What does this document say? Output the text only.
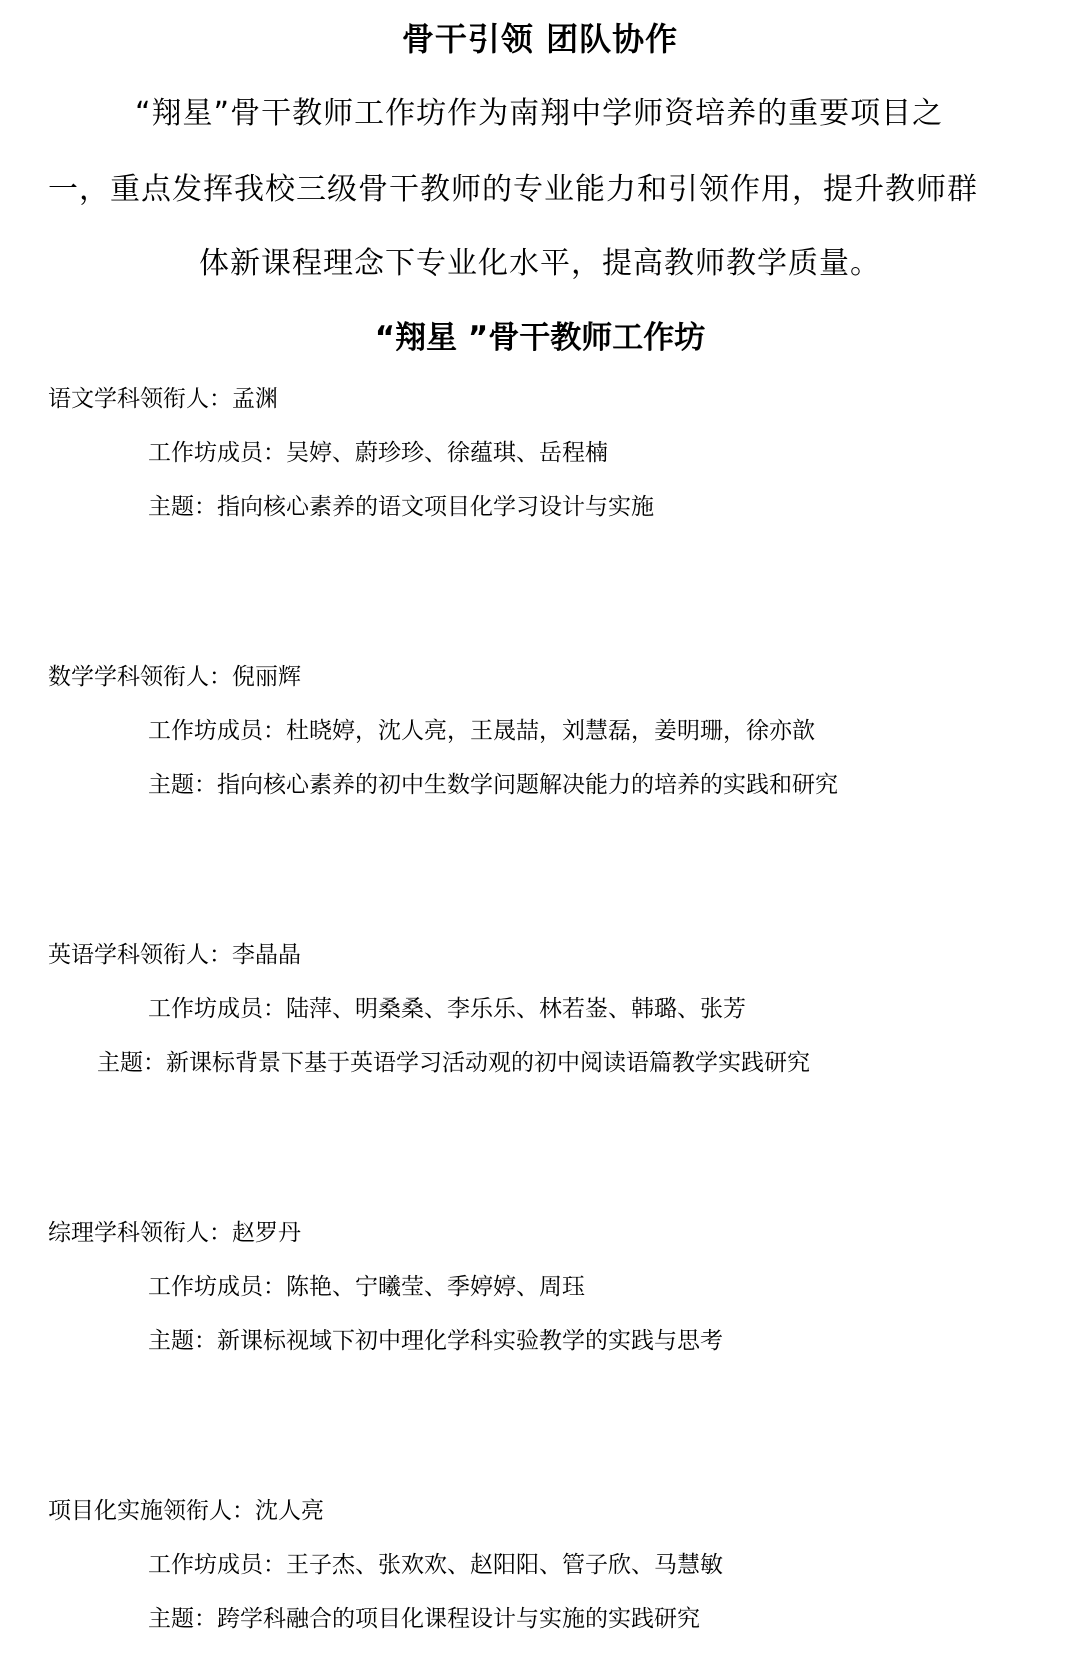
骨干引领 团队协作
“翔星”骨干教师工作坊作为南翔中学师资培养的重要项目之
一，重点发挥我校三级骨干教师的专业能力和引领作用，提升教师群
体新课程理念下专业化水平，提高教师教学质量。
“翔星 ”骨干教师工作坊
语文学科领衔人：孟渊
工作坊成员：吴婷、蔚珍珍、徐蕴琪、岳程楠
主题：指向核心素养的语文项目化学习设计与实施
数学学科领衔人：倪丽辉
工作坊成员：杜晓婷，沈人亮，王晟喆，刘慧磊，姜明珊，徐亦歆
主题：指向核心素养的初中生数学问题解决能力的培养的实践和研究
英语学科领衔人：李晶晶
工作坊成员：陆萍、明桑桑、李乐乐、林若崟、韩璐、张芳
主题：新课标背景下基于英语学习活动观的初中阅读语篇教学实践研究
综理学科领衔人：赵罗丹
工作坊成员：陈艳、宁曦莹、季婷婷、周珏
主题：新课标视域下初中理化学科实验教学的实践与思考
项目化实施领衔人：沈人亮
工作坊成员：王子杰、张欢欢、赵阳阳、管子欣、马慧敏
主题：跨学科融合的项目化课程设计与实施的实践研究
